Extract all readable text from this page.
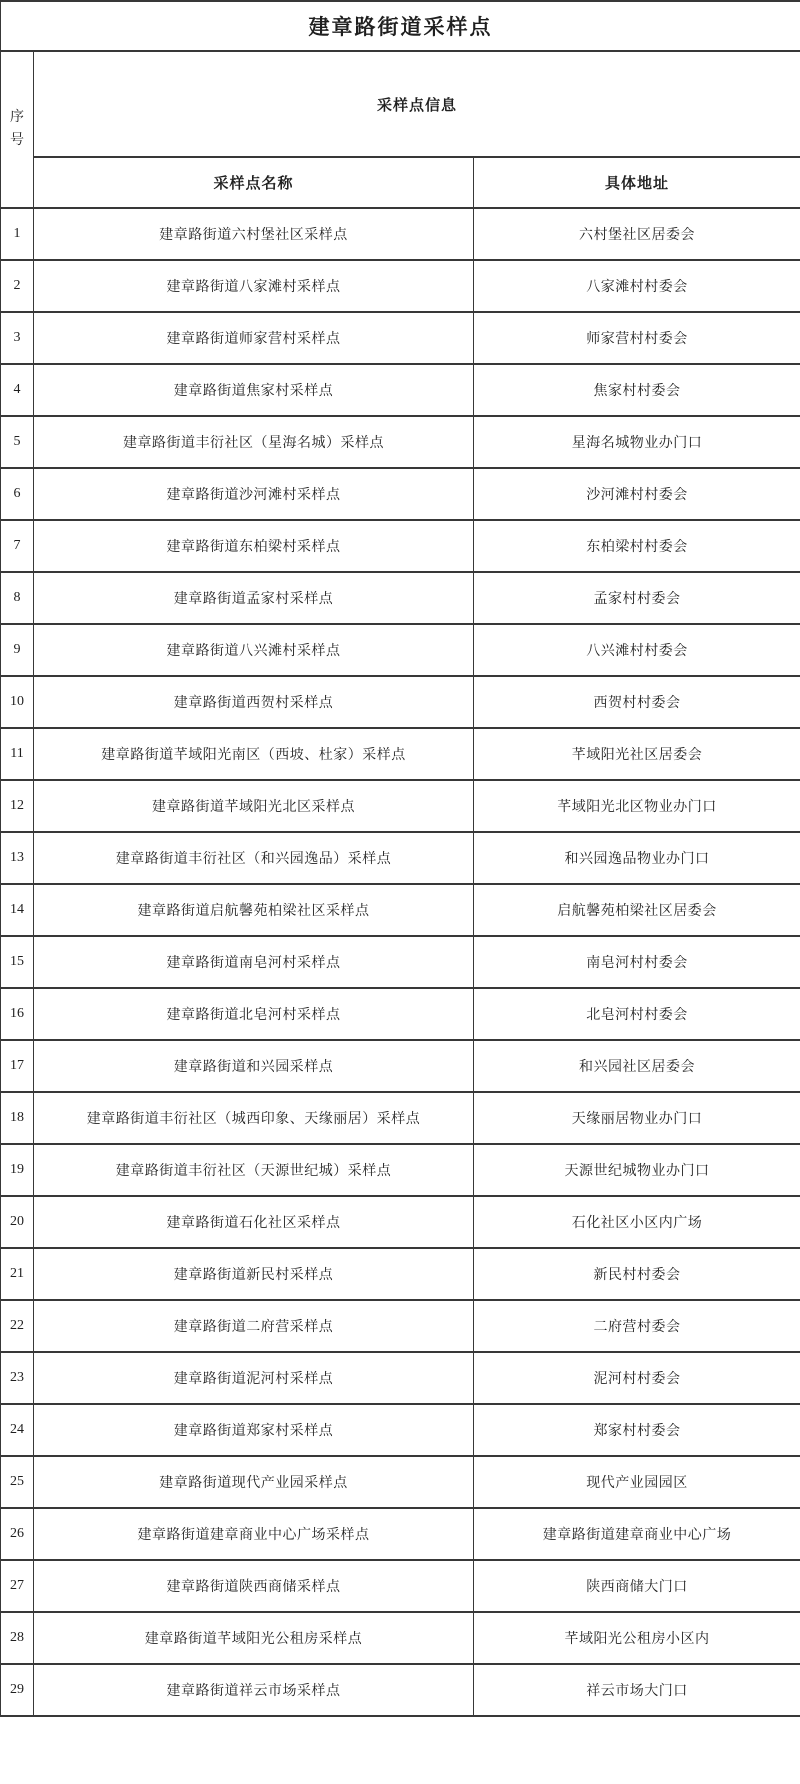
建章路街道采样点		
序号	采样点信息	
	采样点名称	具体地址
1	建章路街道六村堡社区采样点	六村堡社区居委会
2	建章路街道八家滩村采样点	八家滩村村委会
3	建章路街道师家营村采样点	师家营村村委会
4	建章路街道焦家村采样点	焦家村村委会
5	建章路街道丰衍社区（星海名城）采样点	星海名城物业办门口
6	建章路街道沙河滩村采样点	沙河滩村村委会
7	建章路街道东柏梁村采样点	东柏梁村村委会
8	建章路街道孟家村采样点	孟家村村委会
9	建章路街道八兴滩村采样点	八兴滩村村委会
10	建章路街道西贺村采样点	西贺村村委会
11	建章路街道芊域阳光南区（西坡、杜家）采样点	芊域阳光社区居委会
12	建章路街道芊域阳光北区采样点	芊域阳光北区物业办门口
13	建章路街道丰衍社区（和兴园逸品）采样点	和兴园逸品物业办门口
14	建章路街道启航馨苑柏梁社区采样点	启航馨苑柏梁社区居委会
15	建章路街道南皂河村采样点	南皂河村村委会
16	建章路街道北皂河村采样点	北皂河村村委会
17	建章路街道和兴园采样点	和兴园社区居委会
18	建章路街道丰衍社区（城西印象、天缘丽居）采样点	天缘丽居物业办门口
19	建章路街道丰衍社区（天源世纪城）采样点	天源世纪城物业办门口
20	建章路街道石化社区采样点	石化社区小区内广场
21	建章路街道新民村采样点	新民村村委会
22	建章路街道二府营采样点	二府营村委会
23	建章路街道泥河村采样点	泥河村村委会
24	建章路街道郑家村采样点	郑家村村委会
25	建章路街道现代产业园采样点	现代产业园园区
26	建章路街道建章商业中心广场采样点	建章路街道建章商业中心广场
27	建章路街道陕西商储采样点	陕西商储大门口
28	建章路街道芊域阳光公租房采样点	芊域阳光公租房小区内
29	建章路街道祥云市场采样点	祥云市场大门口
